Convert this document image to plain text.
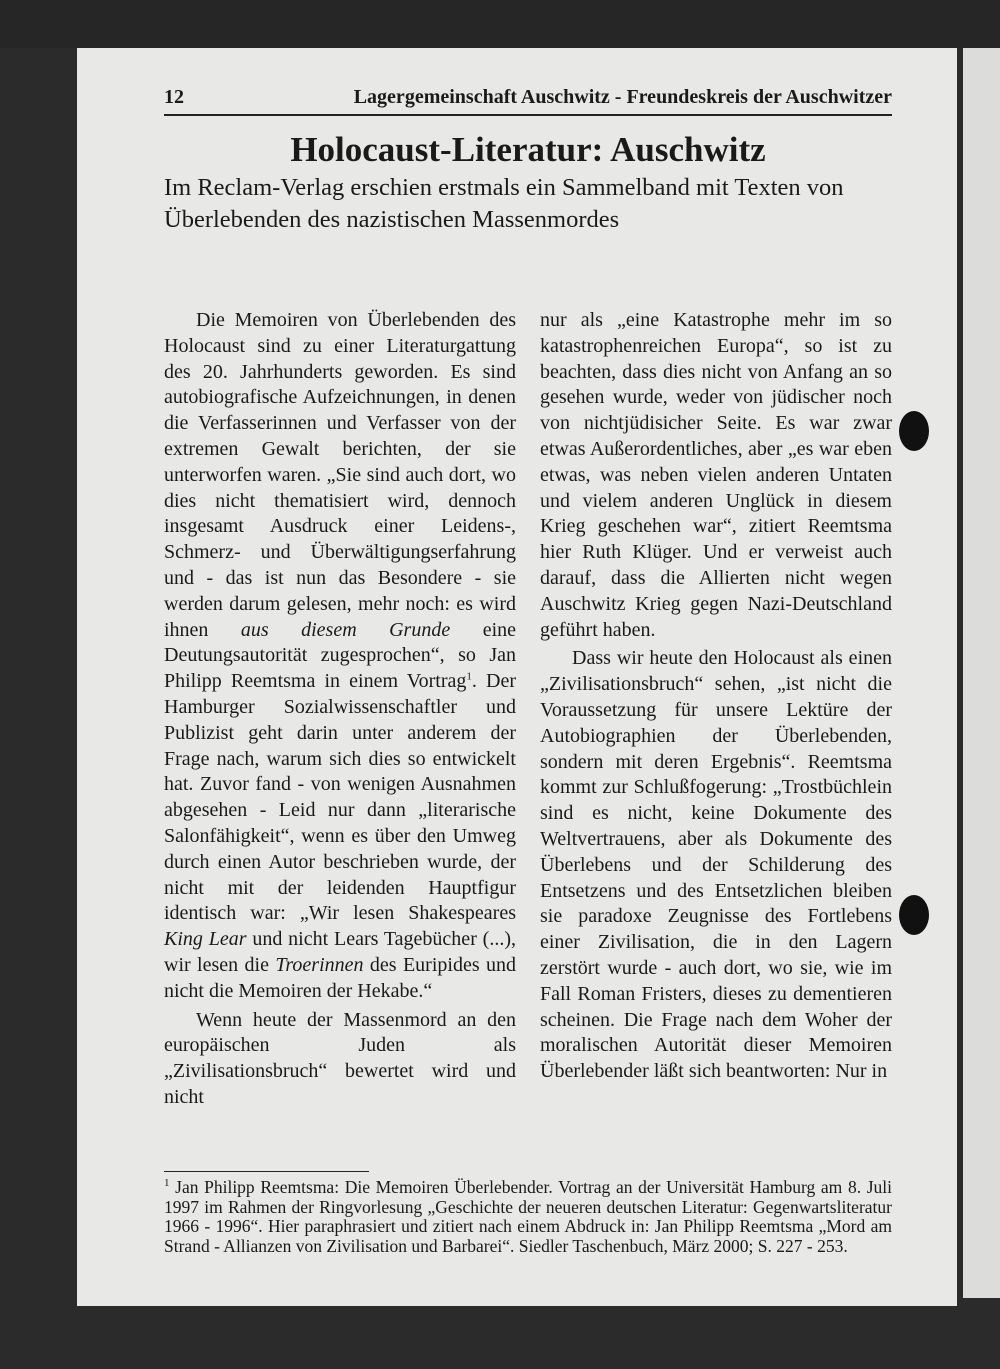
12	Lagergemeinschaft Auschwitz - Freundeskreis der Auschwitzer
Holocaust-Literatur: Auschwitz
Im Reclam-Verlag erschien erstmals ein Sammelband mit Texten von Überlebenden des nazistischen Massenmordes

Die Memoiren von Überlebenden des Holocaust sind zu einer Literaturgattung des 20. Jahrhunderts geworden. Es sind autobiografische Aufzeichnungen, in denen die Verfasserinnen und Verfasser von der extremen Gewalt berichten, der sie unterworfen waren. „Sie sind auch dort, wo dies nicht thematisiert wird, dennoch insgesamt Ausdruck einer Leidens-, Schmerz- und Überwältigungserfahrung und - das ist nun das Besondere - sie werden darum gelesen, mehr noch: es wird ihnen aus diesem Grunde eine Deutungsautorität zugesprochen“, so Jan Philipp Reemtsma in einem Vortrag$^1$. Der Hamburger Sozialwissenschaftler und Publizist geht darin unter anderem der Frage nach, warum sich dies so entwickelt hat. Zuvor fand - von wenigen Ausnahmen abgesehen - Leid nur dann „literarische Salonfähigkeit“, wenn es über den Umweg durch einen Autor beschrieben wurde, der nicht mit der leidenden Hauptfigur identisch war: „Wir lesen Shakespeares King Lear und nicht Lears Tagebücher (...), wir lesen die Troerinnen des Euripides und nicht die Memoiren der Hekabe.“

Wenn heute der Massenmord an den europäischen Juden als „Zivilisationsbruch“ bewertet wird und nicht

nur als „eine Katastrophe mehr im so katastrophenreichen Europa“, so ist zu beachten, dass dies nicht von Anfang an so gesehen wurde, weder von jüdischer noch von nichtjüdisicher Seite. Es war zwar etwas Außerordentliches, aber „es war eben etwas, was neben vielen anderen Untaten und vielem anderen Unglück in diesem Krieg geschehen war“, zitiert Reemtsma hier Ruth Klüger. Und er verweist auch darauf, dass die Allierten nicht wegen Auschwitz Krieg gegen Nazi-Deutschland geführt haben.

Dass wir heute den Holocaust als einen „Zivilisationsbruch“ sehen, „ist nicht die Voraussetzung für unsere Lektüre der Autobiographien der Überlebenden, sondern mit deren Ergebnis“. Reemtsma kommt zur Schlußfogerung: „Trostbüchlein sind es nicht, keine Dokumente des Weltvertrauens, aber als Dokumente des Überlebens und der Schilderung des Entsetzens und des Entsetzlichen bleiben sie paradoxe Zeugnisse des Fortlebens einer Zivilisation, die in den Lagern zerstört wurde - auch dort, wo sie, wie im Fall Roman Fristers, dieses zu dementieren scheinen. Die Frage nach dem Woher der moralischen Autorität dieser Memoiren Überlebender läßt sich beantworten: Nur in

$^1$ Jan Philipp Reemtsma: Die Memoiren Überlebender. Vortrag an der Universität Hamburg am 8. Juli 1997 im Rahmen der Ringvorlesung „Geschichte der neueren deutschen Literatur: Gegenwartsliteratur 1966 - 1996“. Hier paraphrasiert und zitiert nach einem Abdruck in: Jan Philipp Reemtsma „Mord am Strand - Allianzen von Zivilisation und Barbarei“. Siedler Taschenbuch, März 2000; S. 227 - 253.
